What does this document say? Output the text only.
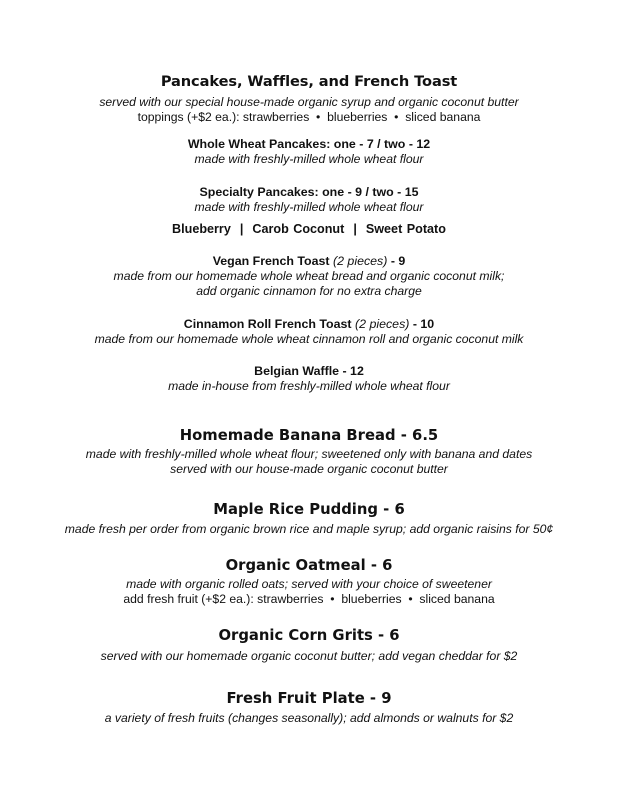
Pancakes, Waffles, and French Toast
served with our special house-made organic syrup and organic coconut butter
toppings (+$2 ea.): strawberries  •  blueberries  •  sliced banana
Whole Wheat Pancakes: one - 7 / two - 12
made with freshly-milled whole wheat flour
Specialty Pancakes: one - 9 / two - 15
made with freshly-milled whole wheat flour
Blueberry | Carob Coconut | Sweet Potato
Vegan French Toast (2 pieces) - 9
made from our homemade whole wheat bread and organic coconut milk;
add organic cinnamon for no extra charge
Cinnamon Roll French Toast (2 pieces) - 10
made from our homemade whole wheat cinnamon roll and organic coconut milk
Belgian Waffle - 12
made in-house from freshly-milled whole wheat flour
Homemade Banana Bread - 6.5
made with freshly-milled whole wheat flour; sweetened only with banana and dates
served with our house-made organic coconut butter
Maple Rice Pudding - 6
made fresh per order from organic brown rice and maple syrup; add organic raisins for 50¢
Organic Oatmeal - 6
made with organic rolled oats; served with your choice of sweetener
add fresh fruit (+$2 ea.): strawberries  •  blueberries  •  sliced banana
Organic Corn Grits - 6
served with our homemade organic coconut butter; add vegan cheddar for $2
Fresh Fruit Plate - 9
a variety of fresh fruits (changes seasonally); add almonds or walnuts for $2
